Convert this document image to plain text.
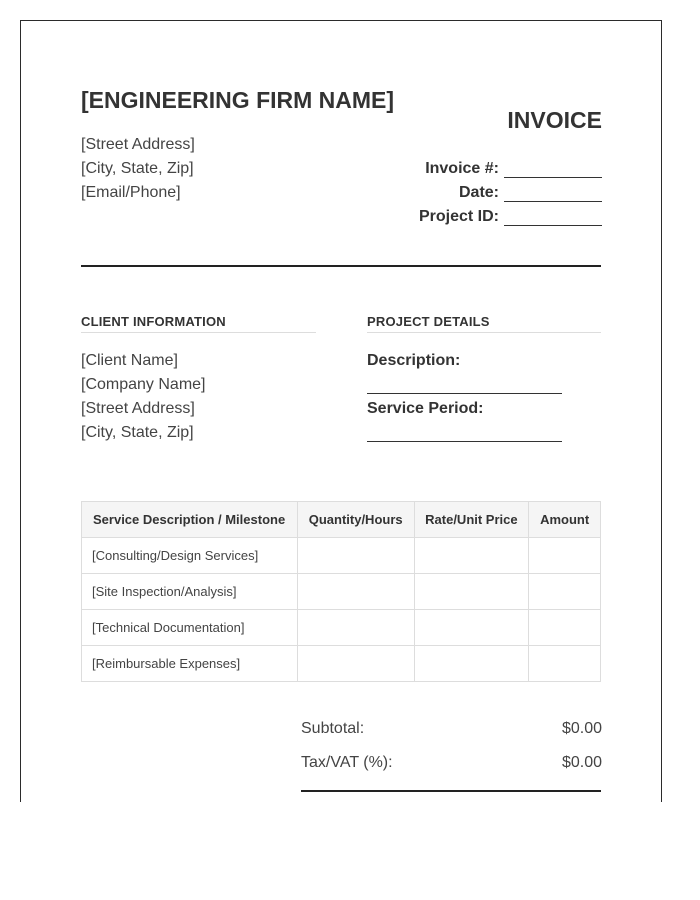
[ENGINEERING FIRM NAME]
[Street Address]
[City, State, Zip]
[Email/Phone]
INVOICE
Invoice #:
Date:
Project ID:
CLIENT INFORMATION
[Client Name]
[Company Name]
[Street Address]
[City, State, Zip]
PROJECT DETAILS
Description:
Service Period:
Service Description / Milestone	Quantity/Hours	Rate/Unit Price	Amount
[Consulting/Design Services]			
[Site Inspection/Analysis]			
[Technical Documentation]			
[Reimbursable Expenses]			
Subtotal:	$0.00
Tax/VAT (%):	$0.00
